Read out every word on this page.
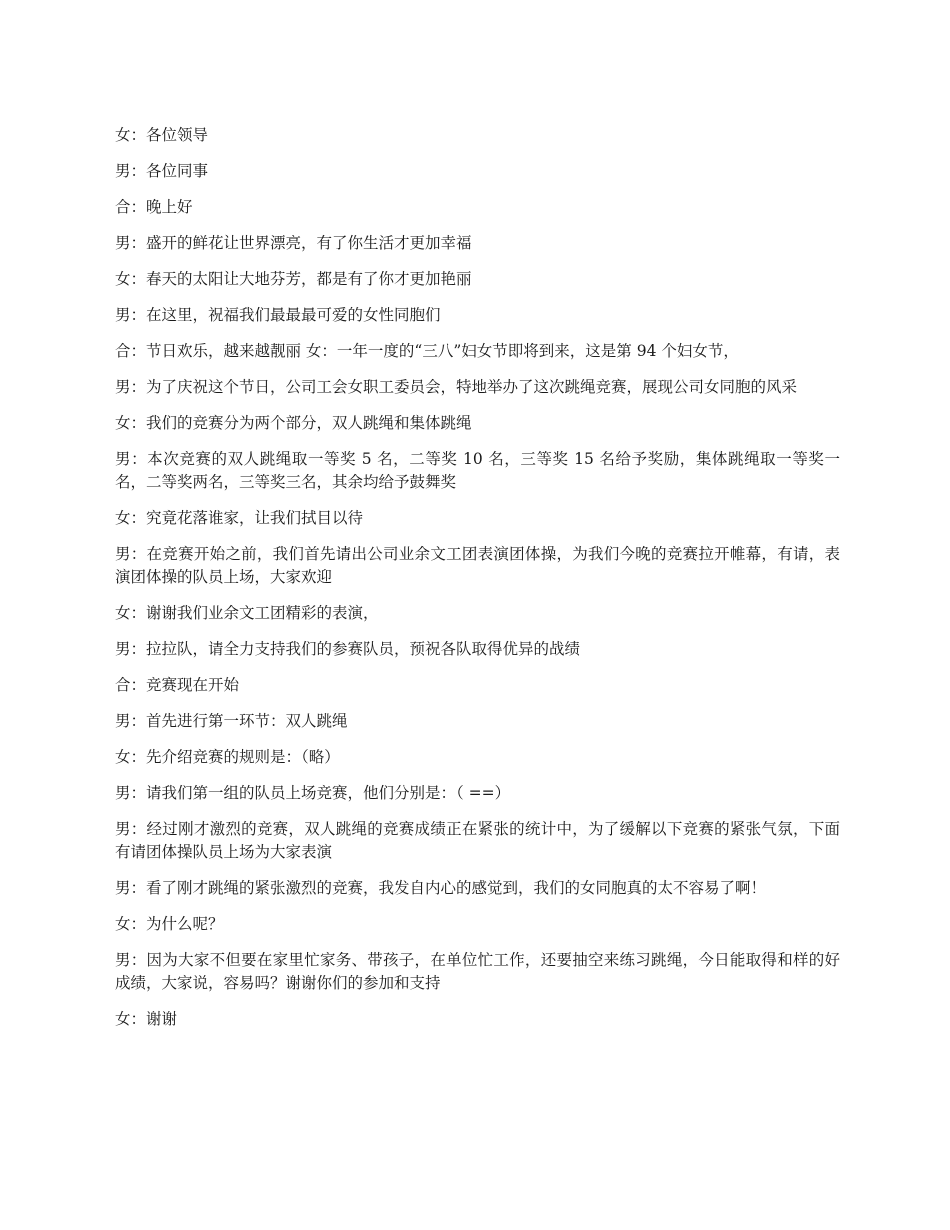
女：各位领导

男：各位同事

合：晚上好

男：盛开的鲜花让世界漂亮，有了你生活才更加幸福

女：春天的太阳让大地芬芳，都是有了你才更加艳丽

男：在这里，祝福我们最最最可爱的女性同胞们

合：节日欢乐，越来越靓丽 女：一年一度的“三八”妇女节即将到来，这是第 94 个妇女节，

男：为了庆祝这个节日，公司工会女职工委员会，特地举办了这次跳绳竞赛，展现公司女同胞的风采

女：我们的竞赛分为两个部分，双人跳绳和集体跳绳

男：本次竞赛的双人跳绳取一等奖 5 名，二等奖 10 名，三等奖 15 名给予奖励，集体跳绳取一等奖一名，二等奖两名，三等奖三名，其余均给予鼓舞奖

女：究竟花落谁家，让我们拭目以待

男：在竞赛开始之前，我们首先请出公司业余文工团表演团体操，为我们今晚的竞赛拉开帷幕，有请，表演团体操的队员上场，大家欢迎

女：谢谢我们业余文工团精彩的表演，

男：拉拉队，请全力支持我们的参赛队员，预祝各队取得优异的战绩

合：竞赛现在开始

男：首先进行第一环节：双人跳绳

女：先介绍竞赛的规则是：（略）

男：请我们第一组的队员上场竞赛，他们分别是：（ ==）

男：经过刚才激烈的竞赛，双人跳绳的竞赛成绩正在紧张的统计中，为了缓解以下竞赛的紧张气氛，下面有请团体操队员上场为大家表演

男：看了刚才跳绳的紧张激烈的竞赛，我发自内心的感觉到，我们的女同胞真的太不容易了啊！

女：为什么呢？

男：因为大家不但要在家里忙家务、带孩子，在单位忙工作，还要抽空来练习跳绳，今日能取得和样的好成绩，大家说，容易吗？谢谢你们的参加和支持

女：谢谢
